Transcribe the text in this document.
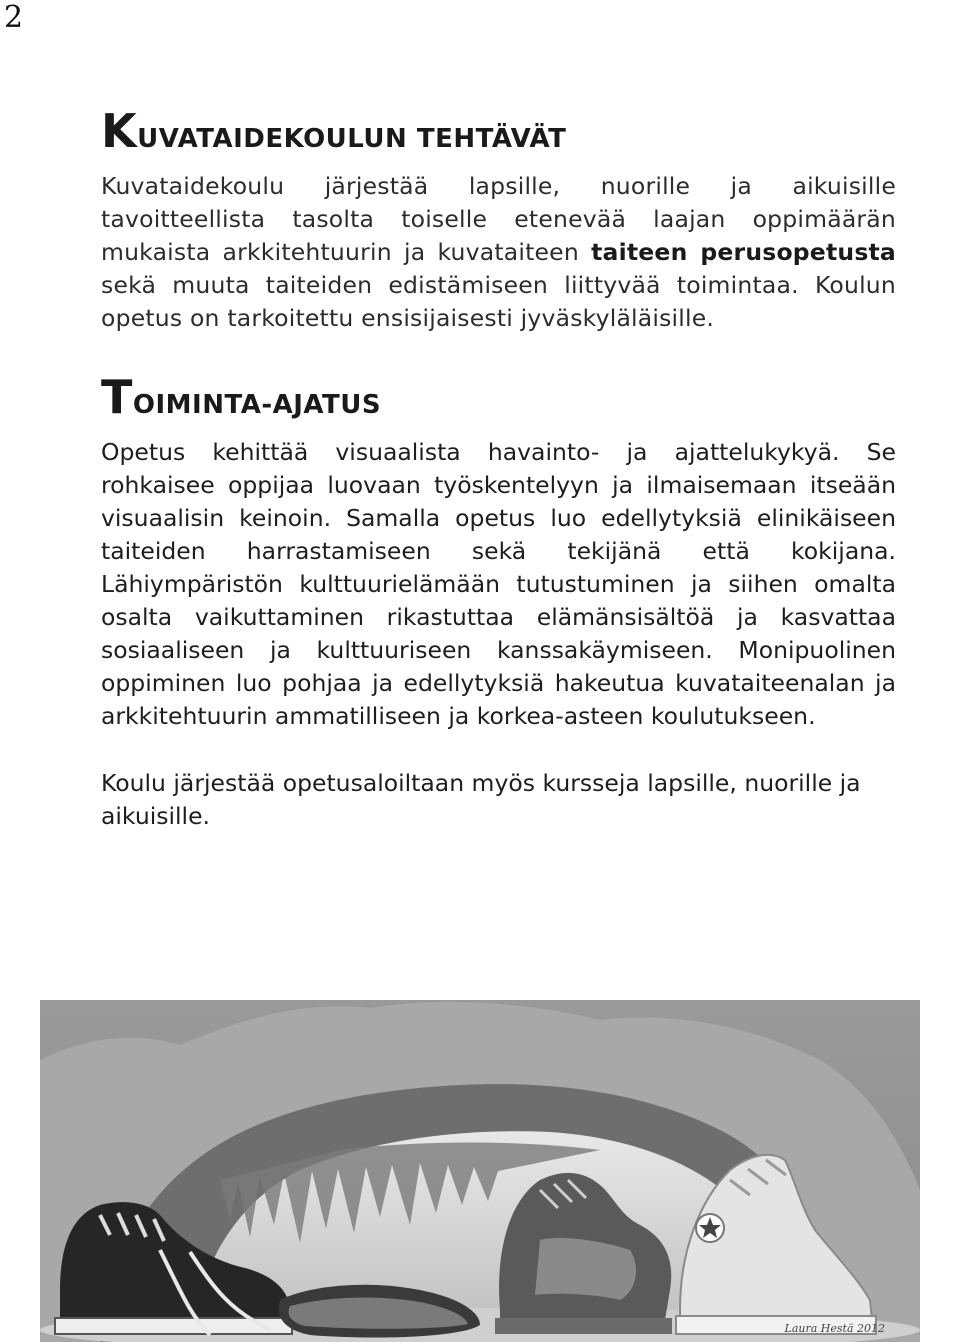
2
KUVATAIDEKOULUN TEHTÄVÄT

Kuvataidekoulu järjestää lapsille, nuorille ja aikuisille tavoitteellista tasolta toiselle etenevää laajan oppimäärän mukaista arkkitehtuurin ja kuvataiteen taiteen perusopetusta sekä muuta taiteiden edistämiseen liittyvää toimintaa. Koulun opetus on tarkoitettu ensisijaisesti jyväskyläläisille.

TOIMINTA-AJATUS

Opetus kehittää visuaalista havainto- ja ajattelukykyä. Se rohkaisee oppijaa luovaan työskentelyyn ja ilmaisemaan itseään visuaalisin keinoin. Samalla opetus luo edellytyksiä elinikäiseen taiteiden harrastamiseen sekä tekijänä että kokijana. Lähiympäristön kulttuurielämään tutustuminen ja siihen omalta osalta vaikuttaminen rikastuttaa elämänsisältöä ja kasvattaa sosiaaliseen ja kulttuuriseen kanssakäymiseen. Monipuolinen oppiminen luo pohjaa ja edellytyksiä hakeutua kuvataiteenalan ja arkkitehtuurin ammatilliseen ja korkea-asteen koulutukseen.

Koulu järjestää opetusaloiltaan myös kursseja lapsille, nuorille ja aikuisille.

Laura Hestä 2012
